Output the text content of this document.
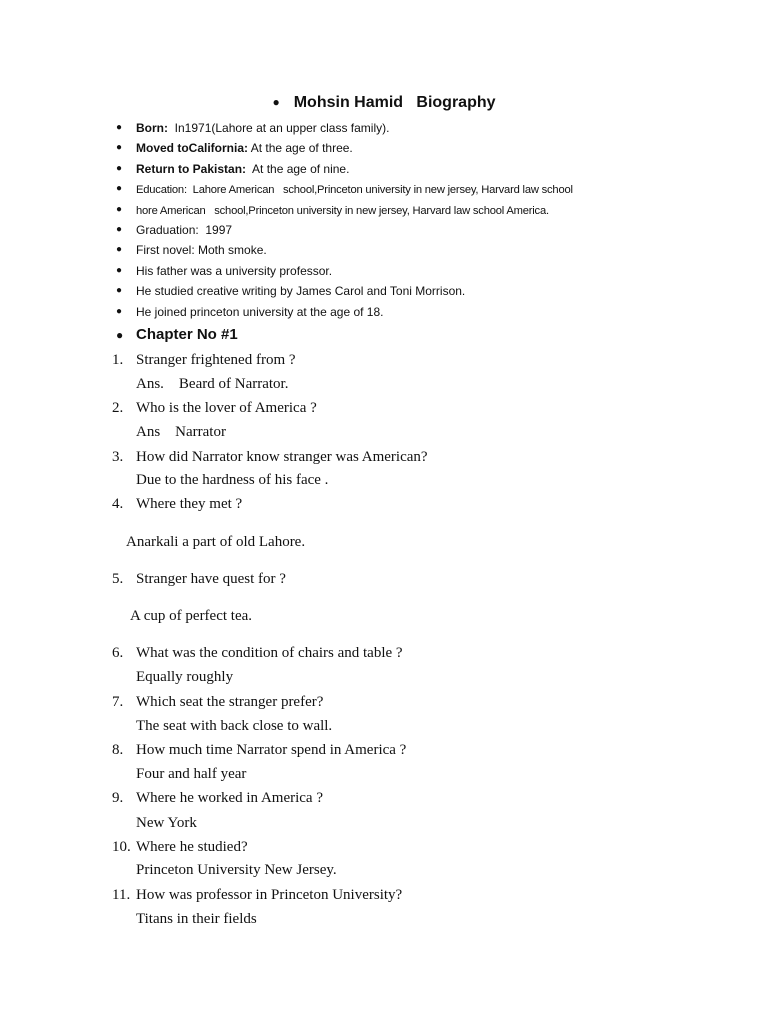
● Mohsin Hamid   Biography
● Born:  In1971(Lahore at an upper class family).
● Moved toCalifornia: At the age of three.
● Return to Pakistan:  At the age of nine.
● Education:  Lahore American   school,Princeton university in new jersey, Harvard law school
● hore American   school,Princeton university in new jersey, Harvard law school America.
● Graduation:  1997
● First novel: Moth smoke.
● His father was a university professor.
● He studied creative writing by James Carol and Toni Morrison.
● He joined princeton university at the age of 18.
● Chapter No #1
1. Stranger frightened from ?
Ans.    Beard of Narrator.
2. Who is the lover of America ?
Ans    Narrator
3. How did Narrator know stranger was American?
Due to the hardness of his face .
4. Where they met ?
Anarkali a part of old Lahore.
5. Stranger have quest for ?
A cup of perfect tea.
6. What was the condition of chairs and table ?
Equally roughly
7. Which seat the stranger prefer?
The seat with back close to wall.
8. How much time Narrator spend in America ?
Four and half year
9. Where he worked in America ?
New York
10. Where he studied?
Princeton University New Jersey.
11. How was professor in Princeton University?
Titans in their fields
